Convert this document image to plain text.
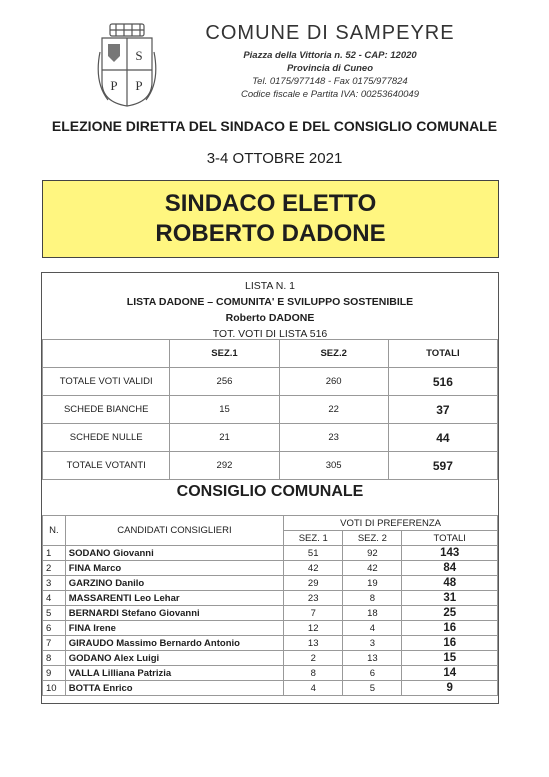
S
P P
COMUNE DI SAMPEYRE
Piazza della Vittoria n. 52 - CAP: 12020
Provincia di Cuneo
Tel. 0175/977148 - Fax 0175/977824
Codice fiscale e Partita IVA: 00253640049
ELEZIONE DIRETTA DEL SINDACO E DEL CONSIGLIO COMUNALE
3-4 OTTOBRE 2021
SINDACO ELETTO
ROBERTO DADONE
LISTA N. 1
LISTA DADONE – COMUNITA' E SVILUPPO SOSTENIBILE
Roberto DADONE
TOT. VOTI DI LISTA 516
	SEZ.1	SEZ.2	TOTALI
TOTALE VOTI VALIDI	256	260	516
SCHEDE BIANCHE	15	22	37
SCHEDE NULLE	21	23	44
TOTALE VOTANTI	292	305	597
CONSIGLIO COMUNALE
N.	CANDIDATI CONSIGLIERI	VOTI DI PREFERENZA		
		SEZ. 1	SEZ. 2	TOTALI
1	SODANO Giovanni	51	92	143
2	FINA Marco	42	42	84
3	GARZINO Danilo	29	19	48
4	MASSARENTI Leo Lehar	23	8	31
5	BERNARDI Stefano Giovanni	7	18	25
6	FINA Irene	12	4	16
7	GIRAUDO Massimo Bernardo Antonio	13	3	16
8	GODANO Alex Luigi	2	13	15
9	VALLA Lilliana Patrizia	8	6	14
10	BOTTA Enrico	4	5	9
